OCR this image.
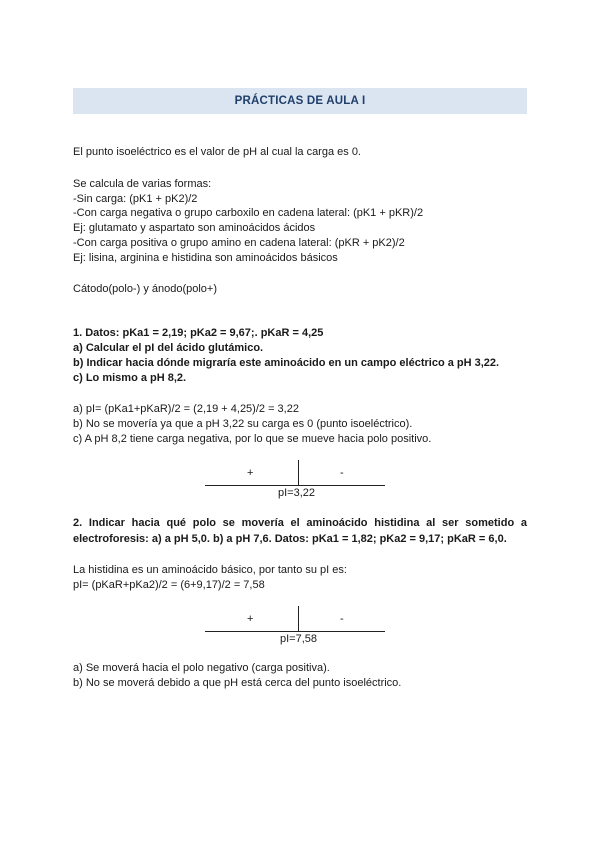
PRÁCTICAS DE AULA I
El punto isoeléctrico es el valor de pH al cual la carga es 0.
Se calcula de varias formas:
-Sin carga: (pK1 + pK2)/2
-Con carga negativa o grupo carboxilo en cadena lateral: (pK1 + pKR)/2
Ej: glutamato y aspartato son aminoácidos ácidos
-Con carga positiva o grupo amino en cadena lateral: (pKR + pK2)/2
Ej: lisina, arginina e histidina son aminoácidos básicos
Cátodo(polo-) y ánodo(polo+)
1. Datos: pKa1 = 2,19; pKa2 = 9,67;. pKaR = 4,25
a) Calcular el pI del ácido glutámico.
b) Indicar hacia dónde migraría este aminoácido en un campo eléctrico a pH 3,22.
c) Lo mismo a pH 8,2.
a) pI= (pKa1+pKaR)/2 = (2,19 + 4,25)/2 = 3,22
b) No se movería ya que a pH 3,22 su carga es 0 (punto isoeléctrico).
c) A pH 8,2 tiene carga negativa, por lo que se mueve hacia polo positivo.
+	-
pI=3,22
2. Indicar hacia qué polo se movería el aminoácido histidina al ser sometido a electroforesis: a) a pH 5,0. b) a pH 7,6. Datos: pKa1 = 1,82; pKa2 = 9,17; pKaR = 6,0.
La histidina es un aminoácido básico, por tanto su pI es:
pI= (pKaR+pKa2)/2 = (6+9,17)/2 = 7,58
+	-
pI=7,58
a) Se moverá hacia el polo negativo (carga positiva).
b) No se moverá debido a que pH está cerca del punto isoeléctrico.
